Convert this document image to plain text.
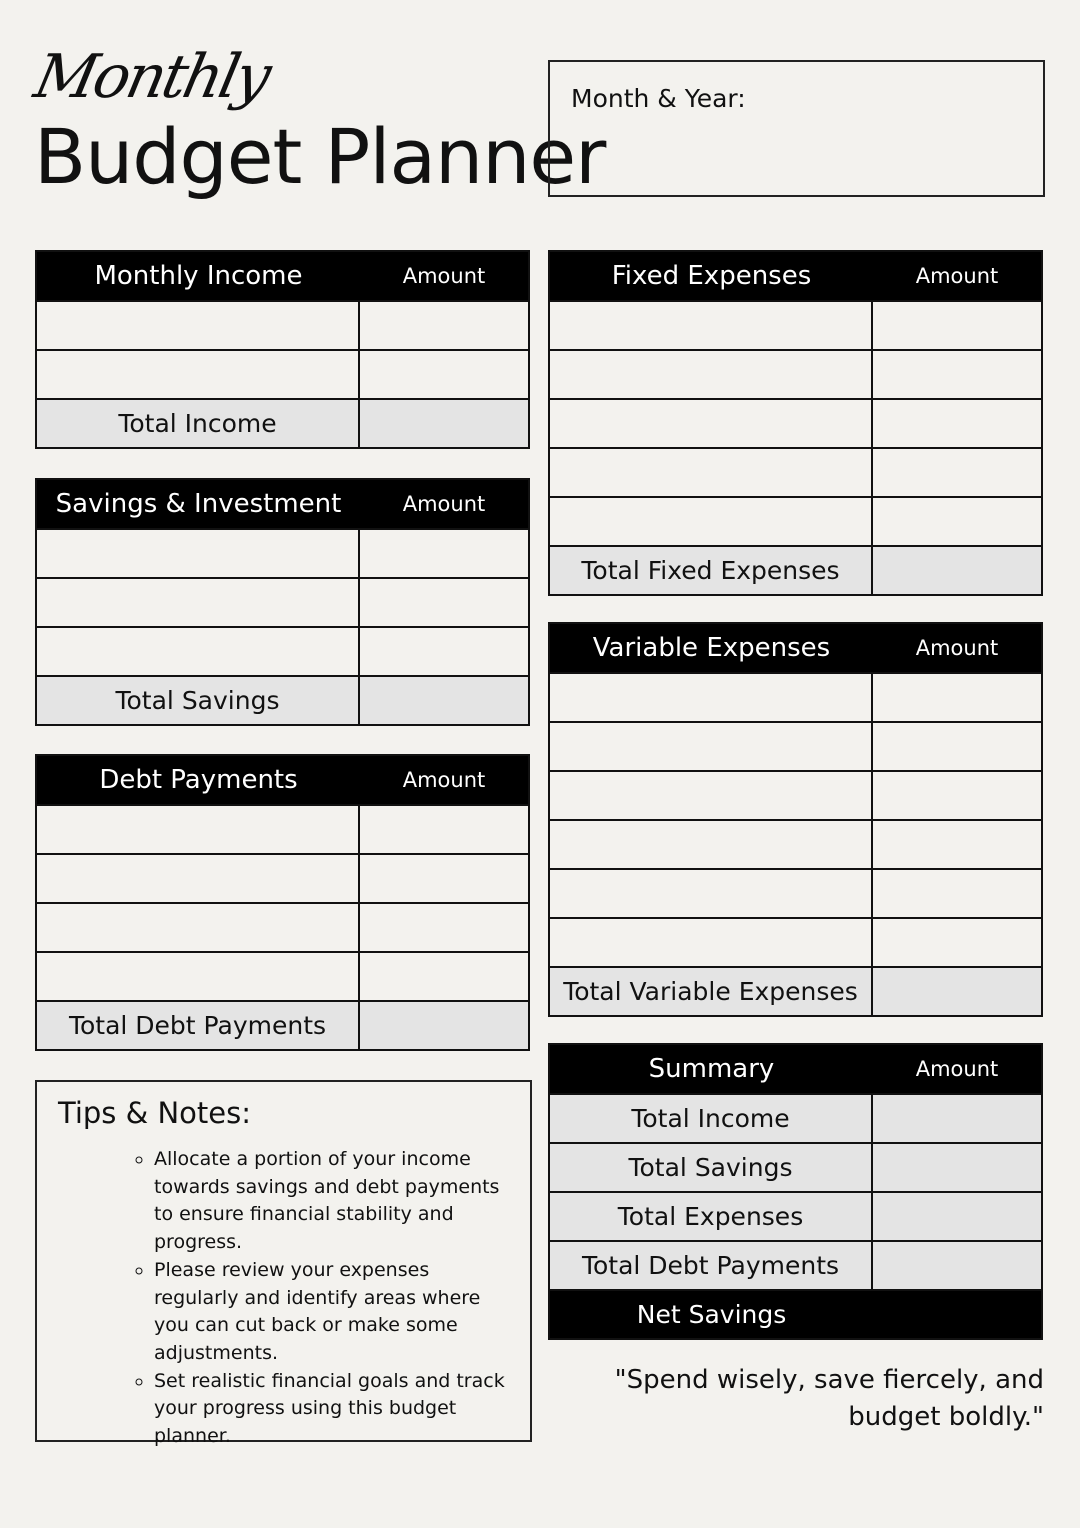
Monthly
Budget Planner
Month & Year:
Monthly Income	Amount
Total Income
Savings & Investment	Amount
Total Savings
Debt Payments	Amount
Total Debt Payments
Fixed Expenses	Amount
Total Fixed Expenses
Variable Expenses	Amount
Total Variable Expenses
Summary	Amount
Total Income
Total Savings
Total Expenses
Total Debt Payments
Net Savings
Tips & Notes:
◦ Allocate a portion of your income towards savings and debt payments to ensure financial stability and progress.
◦ Please review your expenses regularly and identify areas where you can cut back or make some adjustments.
◦ Set realistic financial goals and track your progress using this budget planner.
"Spend wisely, save fiercely, and budget boldly."
